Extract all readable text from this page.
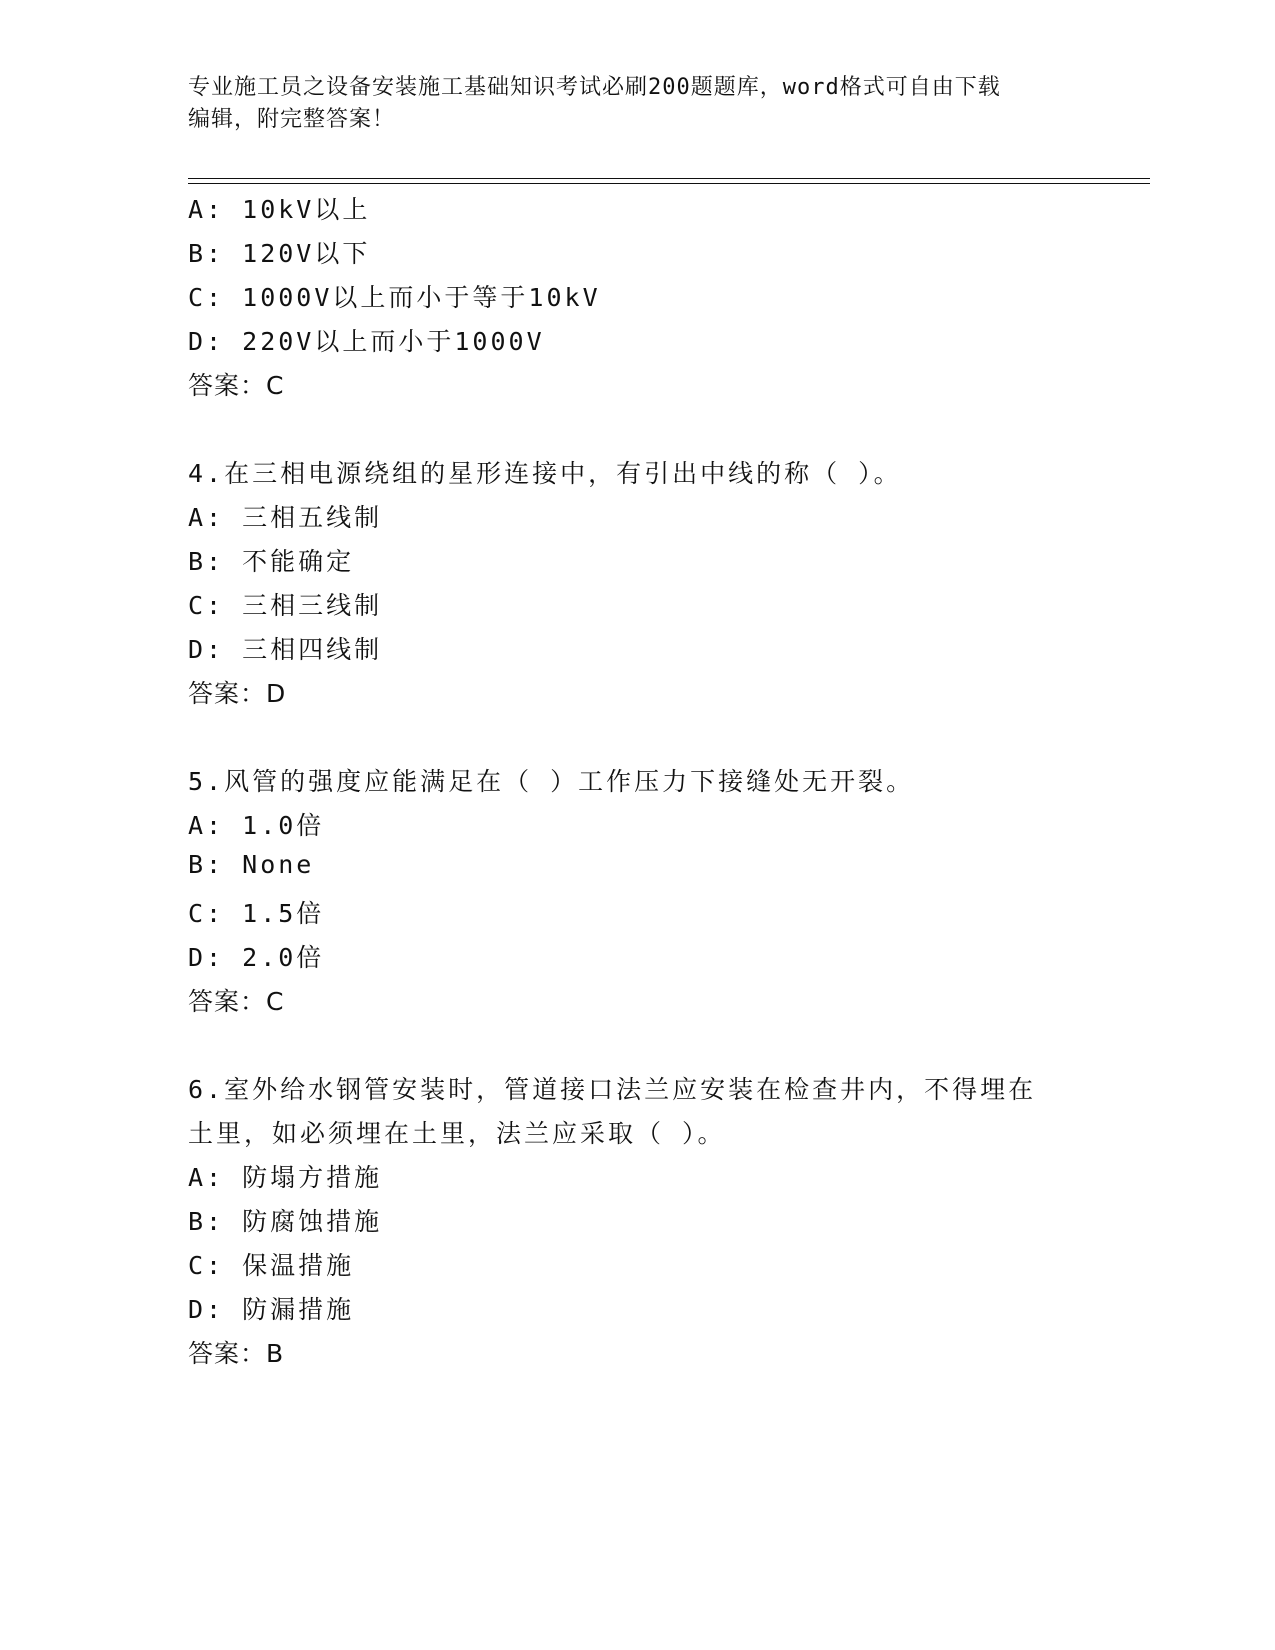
专业施工员之设备安装施工基础知识考试必刷200题题库，word格式可自由下载
编辑，附完整答案！
A: 10kV以上
B: 120V以下
C: 1000V以上而小于等于10kV
D: 220V以上而小于1000V
答案：C
4.在三相电源绕组的星形连接中，有引出中线的称（ ）。
A: 三相五线制
B: 不能确定
C: 三相三线制
D: 三相四线制
答案：D
5.风管的强度应能满足在（ ）工作压力下接缝处无开裂。
A: 1.0倍
B: None
C: 1.5倍
D: 2.0倍
答案：C
6.室外给水钢管安装时，管道接口法兰应安装在检查井内，不得埋在
土里，如必须埋在土里，法兰应采取（ ）。
A: 防塌方措施
B: 防腐蚀措施
C: 保温措施
D: 防漏措施
答案：B
